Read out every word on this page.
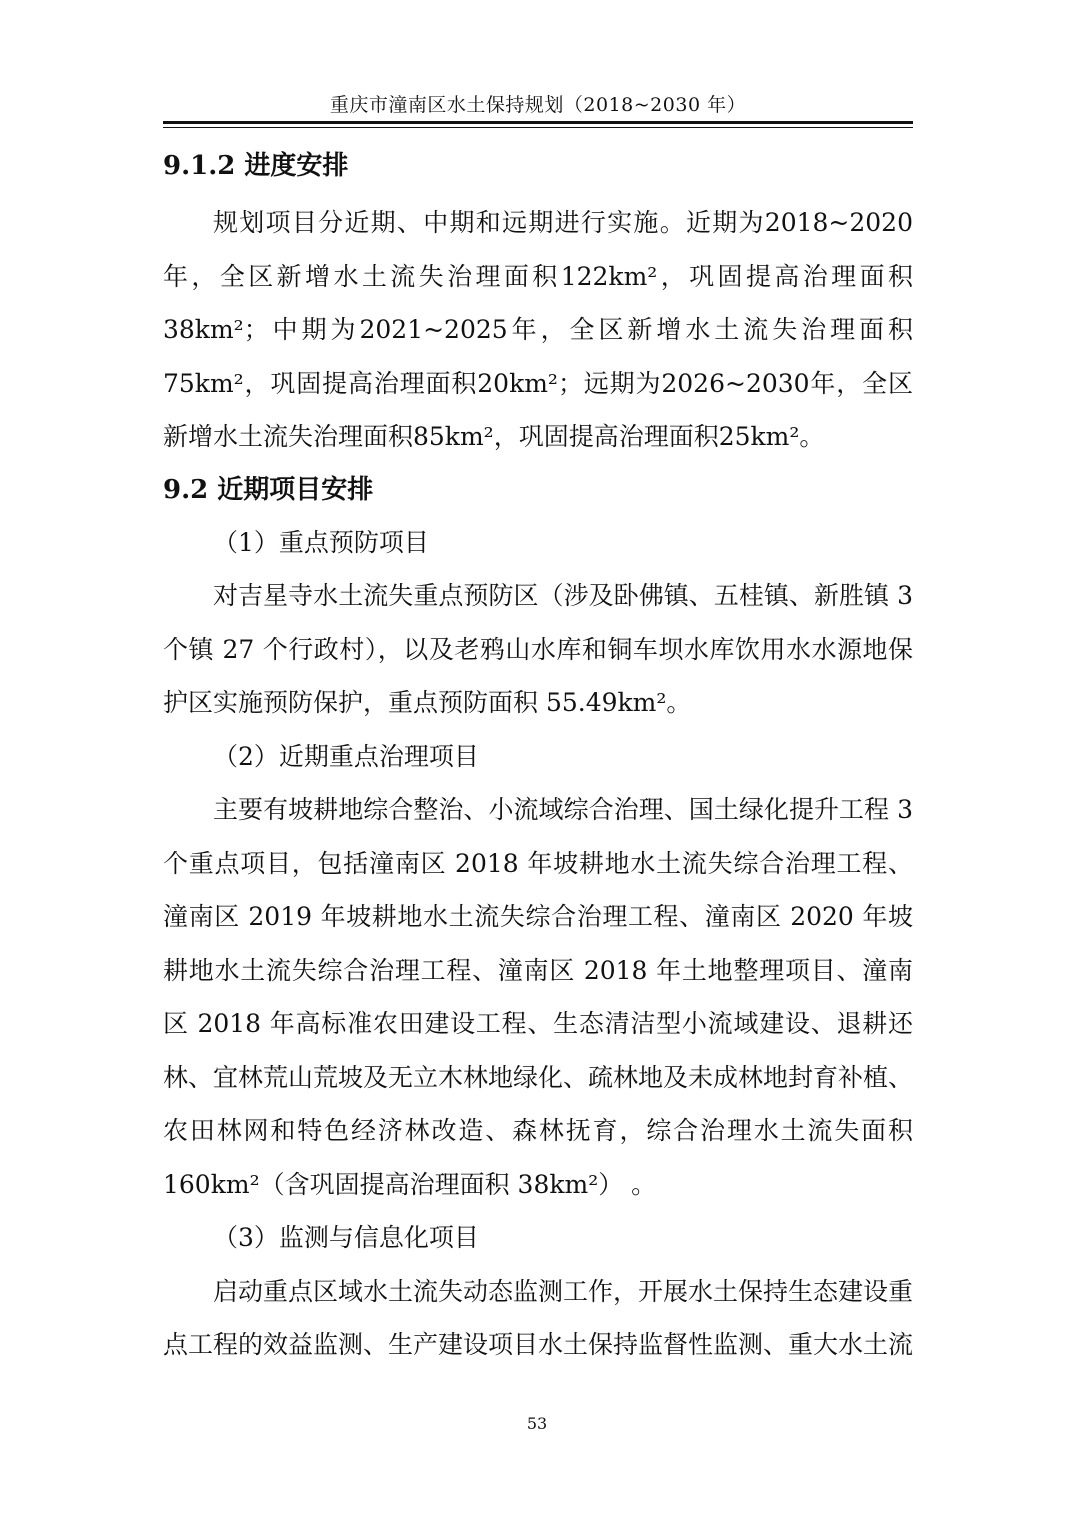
重庆市潼南区水土保持规划（2018~2030 年）
9.1.2 进度安排

规划项目分近期、中期和远期进行实施。近期为2018~2020年，全区新增水土流失治理面积122km²，巩固提高治理面积38km²；中期为2021~2025年，全区新增水土流失治理面积75km²，巩固提高治理面积20km²；远期为2026~2030年，全区新增水土流失治理面积85km²，巩固提高治理面积25km²。

9.2 近期项目安排

（1）重点预防项目

对吉星寺水土流失重点预防区（涉及卧佛镇、五桂镇、新胜镇 3 个镇 27 个行政村），以及老鸦山水库和铜车坝水库饮用水水源地保护区实施预防保护，重点预防面积 55.49km²。

（2）近期重点治理项目

主要有坡耕地综合整治、小流域综合治理、国土绿化提升工程 3 个重点项目，包括潼南区 2018 年坡耕地水土流失综合治理工程、潼南区 2019 年坡耕地水土流失综合治理工程、潼南区 2020 年坡耕地水土流失综合治理工程、潼南区 2018 年土地整理项目、潼南区 2018 年高标准农田建设工程、生态清洁型小流域建设、退耕还林、宜林荒山荒坡及无立木林地绿化、疏林地及未成林地封育补植、农田林网和特色经济林改造、森林抚育，综合治理水土流失面积 160km²（含巩固提高治理面积 38km²） 。

（3）监测与信息化项目

启动重点区域水土流失动态监测工作，开展水土保持生态建设重点工程的效益监测、生产建设项目水土保持监督性监测、重大水土流

53
